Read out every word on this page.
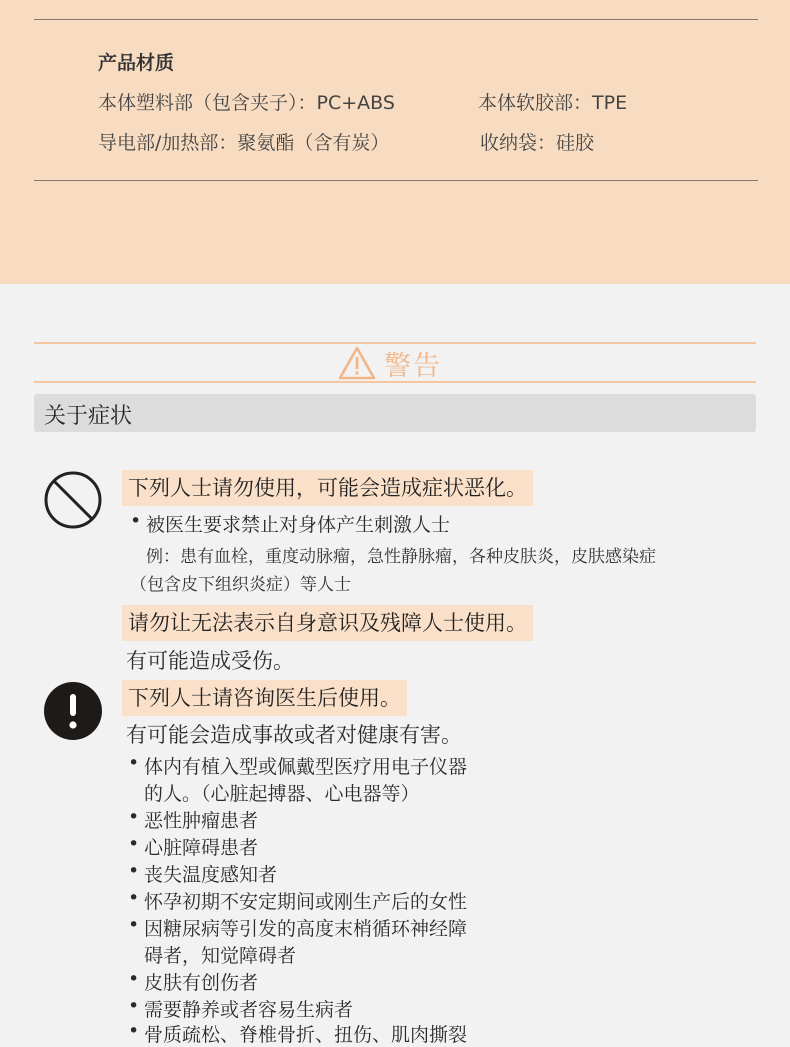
产品材质
本体塑料部（包含夹子）：PC+ABS	本体软胶部：TPE
导电部/加热部：聚氨酯（含有炭）	收纳袋：硅胶
警告
关于症状
下列人士请勿使用，可能会造成症状恶化。
• 被医生要求禁止对身体产生刺激人士
例：患有血栓，重度动脉瘤，急性静脉瘤，各种皮肤炎，皮肤感染症
（包含皮下组织炎症）等人士
请勿让无法表示自身意识及残障人士使用。
有可能造成受伤。
下列人士请咨询医生后使用。
有可能会造成事故或者对健康有害。
• 体内有植入型或佩戴型医疗用电子仪器
的人。（心脏起搏器、心电器等）
• 恶性肿瘤患者
• 心脏障碍患者
• 丧失温度感知者
• 怀孕初期不安定期间或刚生产后的女性
• 因糖尿病等引发的高度末梢循环神经障
碍者，知觉障碍者
• 皮肤有创伤者
• 需要静养或者容易生病者
• 骨质疏松、脊椎骨折、扭伤、肌肉撕裂
